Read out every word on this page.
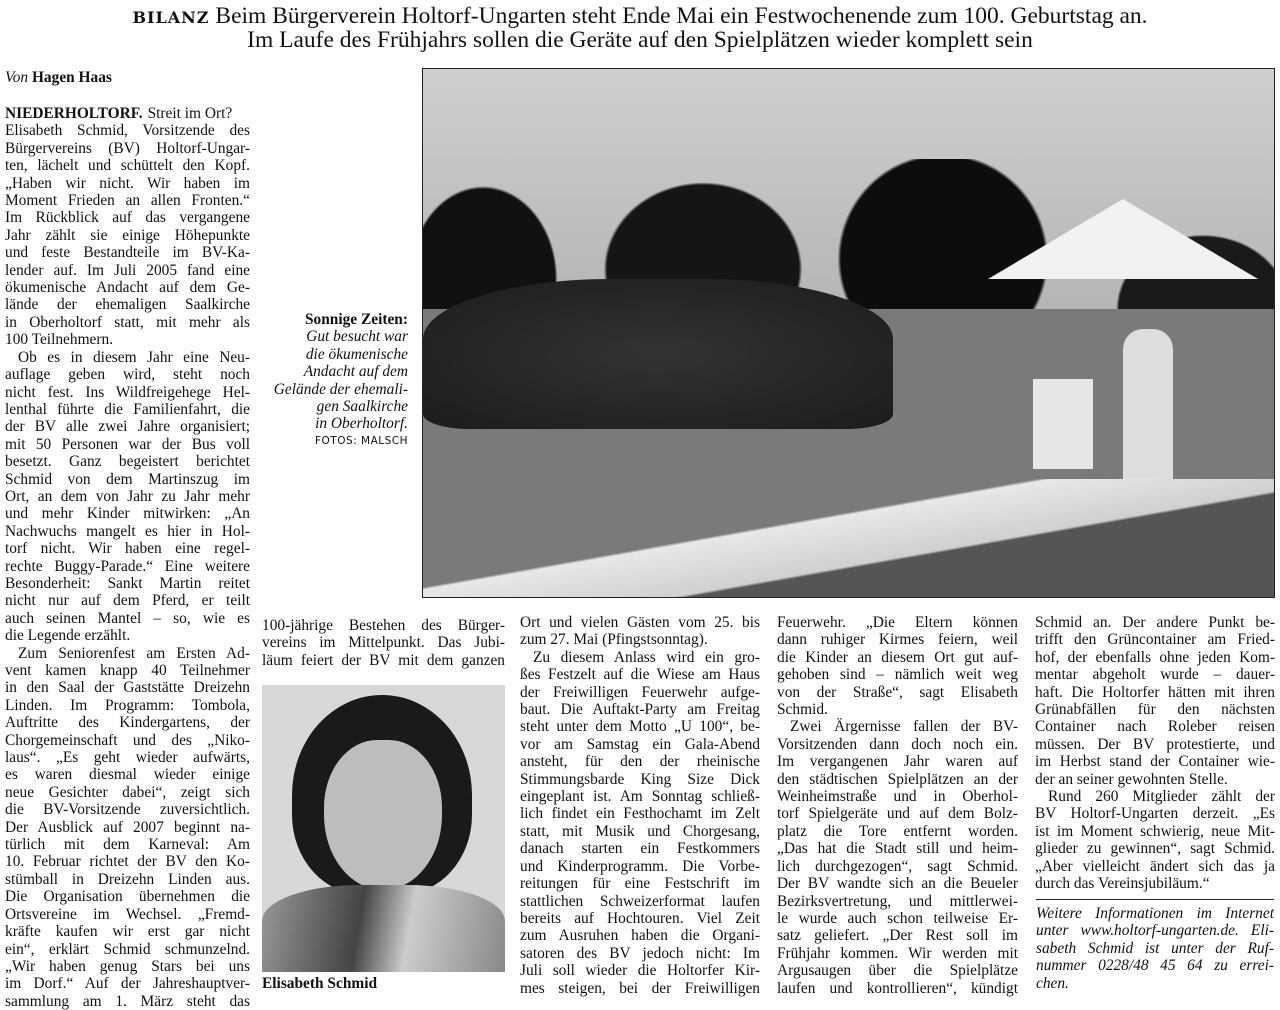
BILANZ Beim Bürgerverein Holtorf-Ungarten steht Ende Mai ein Festwochenende zum 100. Geburtstag an.
Im Laufe des Frühjahrs sollen die Geräte auf den Spielplätzen wieder komplett sein
Von Hagen Haas
NIEDERHOLTORF. Streit im Ort?
Elisabeth Schmid, Vorsitzende des
Bürgervereins (BV) Holtorf-Ungar-
ten, lächelt und schüttelt den Kopf.
„Haben wir nicht. Wir haben im
Moment Frieden an allen Fronten.“
Im Rückblick auf das vergangene
Jahr zählt sie einige Höhepunkte
und feste Bestandteile im BV-Ka-
lender auf. Im Juli 2005 fand eine
ökumenische Andacht auf dem Ge-
lände der ehemaligen Saalkirche
in Oberholtorf statt, mit mehr als
100 Teilnehmern.
Ob es in diesem Jahr eine Neu-
auflage geben wird, steht noch
nicht fest. Ins Wildfreigehege Hel-
lenthal führte die Familienfahrt, die
der BV alle zwei Jahre organisiert;
mit 50 Personen war der Bus voll
besetzt. Ganz begeistert berichtet
Schmid von dem Martinszug im
Ort, an dem von Jahr zu Jahr mehr
und mehr Kinder mitwirken: „An
Nachwuchs mangelt es hier in Hol-
torf nicht. Wir haben eine regel-
rechte Buggy-Parade.“ Eine weitere
Besonderheit: Sankt Martin reitet
nicht nur auf dem Pferd, er teilt
auch seinen Mantel – so, wie es
die Legende erzählt.
Zum Seniorenfest am Ersten Ad-
vent kamen knapp 40 Teilnehmer
in den Saal der Gaststätte Dreizehn
Linden. Im Programm: Tombola,
Auftritte des Kindergartens, der
Chorgemeinschaft und des „Niko-
laus“. „Es geht wieder aufwärts,
es waren diesmal wieder einige
neue Gesichter dabei“, zeigt sich
die BV-Vorsitzende zuversichtlich.
Der Ausblick auf 2007 beginnt na-
türlich mit dem Karneval: Am
10. Februar richtet der BV den Ko-
stümball in Dreizehn Linden aus.
Die Organisation übernehmen die
Ortsvereine im Wechsel. „Fremd-
kräfte kaufen wir erst gar nicht
ein“, erklärt Schmid schmunzelnd.
„Wir haben genug Stars bei uns
im Dorf.“ Auf der Jahreshauptver-
sammlung am 1. März steht das
100-jährige Bestehen des Bürger-
vereins im Mittelpunkt. Das Jubi-
läum feiert der BV mit dem ganzen
Ort und vielen Gästen vom 25. bis
zum 27. Mai (Pfingstsonntag).
Zu diesem Anlass wird ein gro-
ßes Festzelt auf die Wiese am Haus
der Freiwilligen Feuerwehr aufge-
baut. Die Auftakt-Party am Freitag
steht unter dem Motto „U 100“, be-
vor am Samstag ein Gala-Abend
ansteht, für den der rheinische
Stimmungsbarde King Size Dick
eingeplant ist. Am Sonntag schließ-
lich findet ein Festhochamt im Zelt
statt, mit Musik und Chorgesang,
danach starten ein Festkommers
und Kinderprogramm. Die Vorbe-
reitungen für eine Festschrift im
stattlichen Schweizerformat laufen
bereits auf Hochtouren. Viel Zeit
zum Ausruhen haben die Organi-
satoren des BV jedoch nicht: Im
Juli soll wieder die Holtorfer Kir-
mes steigen, bei der Freiwilligen
Feuerwehr. „Die Eltern können
dann ruhiger Kirmes feiern, weil
die Kinder an diesem Ort gut auf-
gehoben sind – nämlich weit weg
von der Straße“, sagt Elisabeth
Schmid.
Zwei Ärgernisse fallen der BV-
Vorsitzenden dann doch noch ein.
Im vergangenen Jahr waren auf
den städtischen Spielplätzen an der
Weinheimstraße und in Oberhol-
torf Spielgeräte und auf dem Bolz-
platz die Tore entfernt worden.
„Das hat die Stadt still und heim-
lich durchgezogen“, sagt Schmid.
Der BV wandte sich an die Beueler
Bezirksvertretung, und mittlerwei-
le wurde auch schon teilweise Er-
satz geliefert. „Der Rest soll im
Frühjahr kommen. Wir werden mit
Argusaugen über die Spielplätze
laufen und kontrollieren“, kündigt
Schmid an. Der andere Punkt be-
trifft den Grüncontainer am Fried-
hof, der ebenfalls ohne jeden Kom-
mentar abgeholt wurde – dauer-
haft. Die Holtorfer hätten mit ihren
Grünabfällen für den nächsten
Container nach Roleber reisen
müssen. Der BV protestierte, und
im Herbst stand der Container wie-
der an seiner gewohnten Stelle.
Rund 260 Mitglieder zählt der
BV Holtorf-Ungarten derzeit. „Es
ist im Moment schwierig, neue Mit-
glieder zu gewinnen“, sagt Schmid.
„Aber vielleicht ändert sich das ja
durch das Vereinsjubiläum.“
Sonnige Zeiten:
Gut besucht war
die ökumenische
Andacht auf dem
Gelände der ehemali-
gen Saalkirche
in Oberholtorf.
FOTOS: MALSCH
Elisabeth Schmid
Weitere Informationen im Internet
unter www.holtorf-ungarten.de. Eli-
sabeth Schmid ist unter der Ruf-
nummer 0228/48 45 64 zu errei-
chen.
